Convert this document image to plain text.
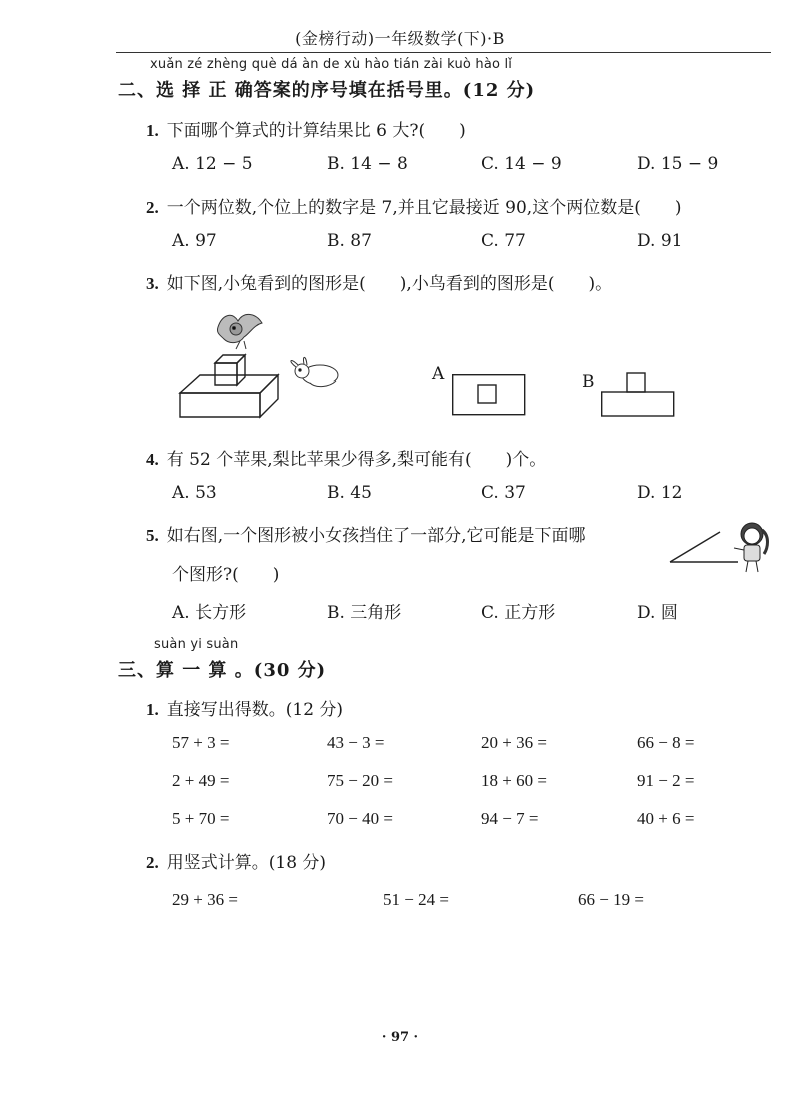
(金榜行动)一年级数学(下)·B
xuǎn zé zhèng què dá àn de xù hào tián zài kuò hào lǐ
二、选 择 正 确答案的序号填在括号里。(12 分)
1. 下面哪个算式的计算结果比 6 大?(　　)
A. 12 − 5	B. 14 − 8	C. 14 − 9	D. 15 − 9
2. 一个两位数,个位上的数字是 7,并且它最接近 90,这个两位数是(　　)
A. 97	B. 87	C. 77	D. 91
3. 如下图,小兔看到的图形是(　　),小鸟看到的图形是(　　)。
A	B
4. 有 52 个苹果,梨比苹果少得多,梨可能有(　　)个。
A. 53	B. 45	C. 37	D. 12
5. 如右图,一个图形被小女孩挡住了一部分,它可能是下面哪
个图形?(　　)
A. 长方形	B. 三角形	C. 正方形	D. 圆
suàn yi suàn
三、算 一 算 。(30 分)
1. 直接写出得数。(12 分)
57 + 3 =	43 − 3 =	20 + 36 =	66 − 8 =
2 + 49 =	75 − 20 =	18 + 60 =	91 − 2 =
5 + 70 =	70 − 40 =	94 − 7 =	40 + 6 =
2. 用竖式计算。(18 分)
29 + 36 =	51 − 24 =	66 − 19 =
· 97 ·
